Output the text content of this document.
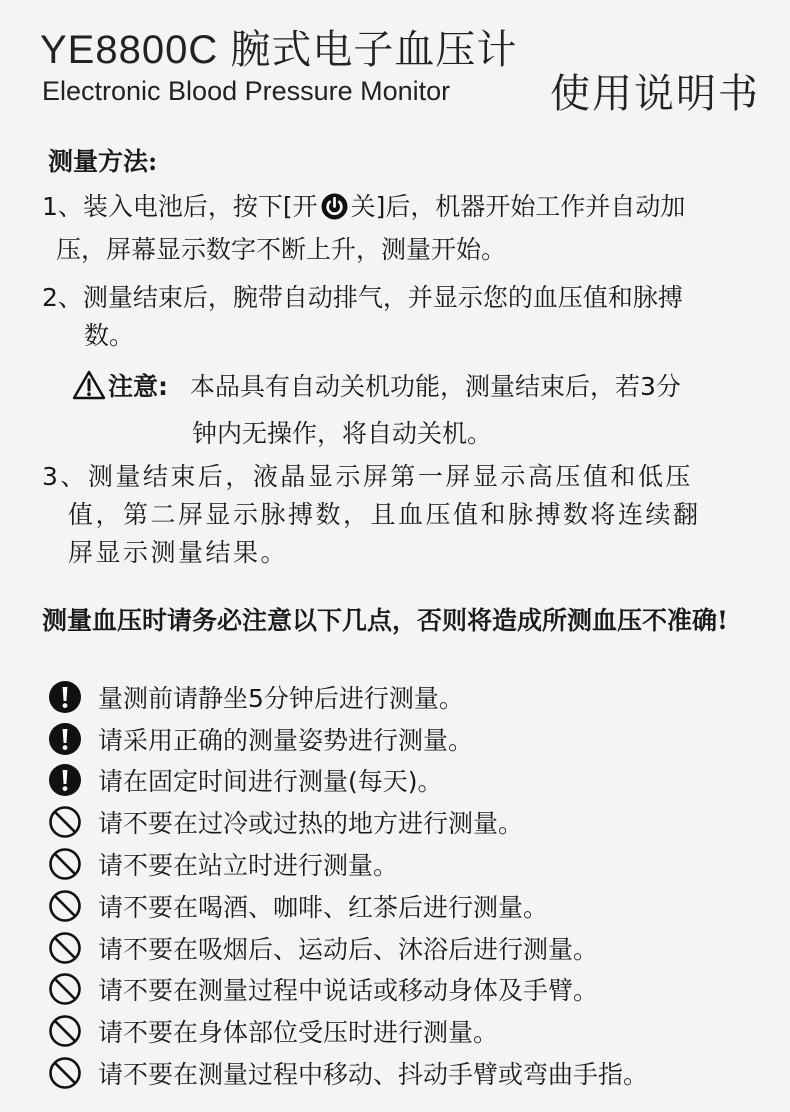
YE8800C 腕式电子血压计
Electronic Blood Pressure Monitor 使用说明书
测量方法:
1、装入电池后，按下[开 关]后，机器开始工作并自动加
压，屏幕显示数字不断上升，测量开始。
2、测量结束后，腕带自动排气，并显示您的血压值和脉搏
数。
注意: 本品具有自动关机功能，测量结束后，若3分
钟内无操作，将自动关机。
3、测量结束后，液晶显示屏第一屏显示高压值和低压
值，第二屏显示脉搏数，且血压值和脉搏数将连续翻
屏显示测量结果。
测量血压时请务必注意以下几点，否则将造成所测血压不准确!
量测前请静坐5分钟后进行测量。
请采用正确的测量姿势进行测量。
请在固定时间进行测量(每天)。
请不要在过冷或过热的地方进行测量。
请不要在站立时进行测量。
请不要在喝酒、咖啡、红茶后进行测量。
请不要在吸烟后、运动后、沐浴后进行测量。
请不要在测量过程中说话或移动身体及手臂。
请不要在身体部位受压时进行测量。
请不要在测量过程中移动、抖动手臂或弯曲手指。
